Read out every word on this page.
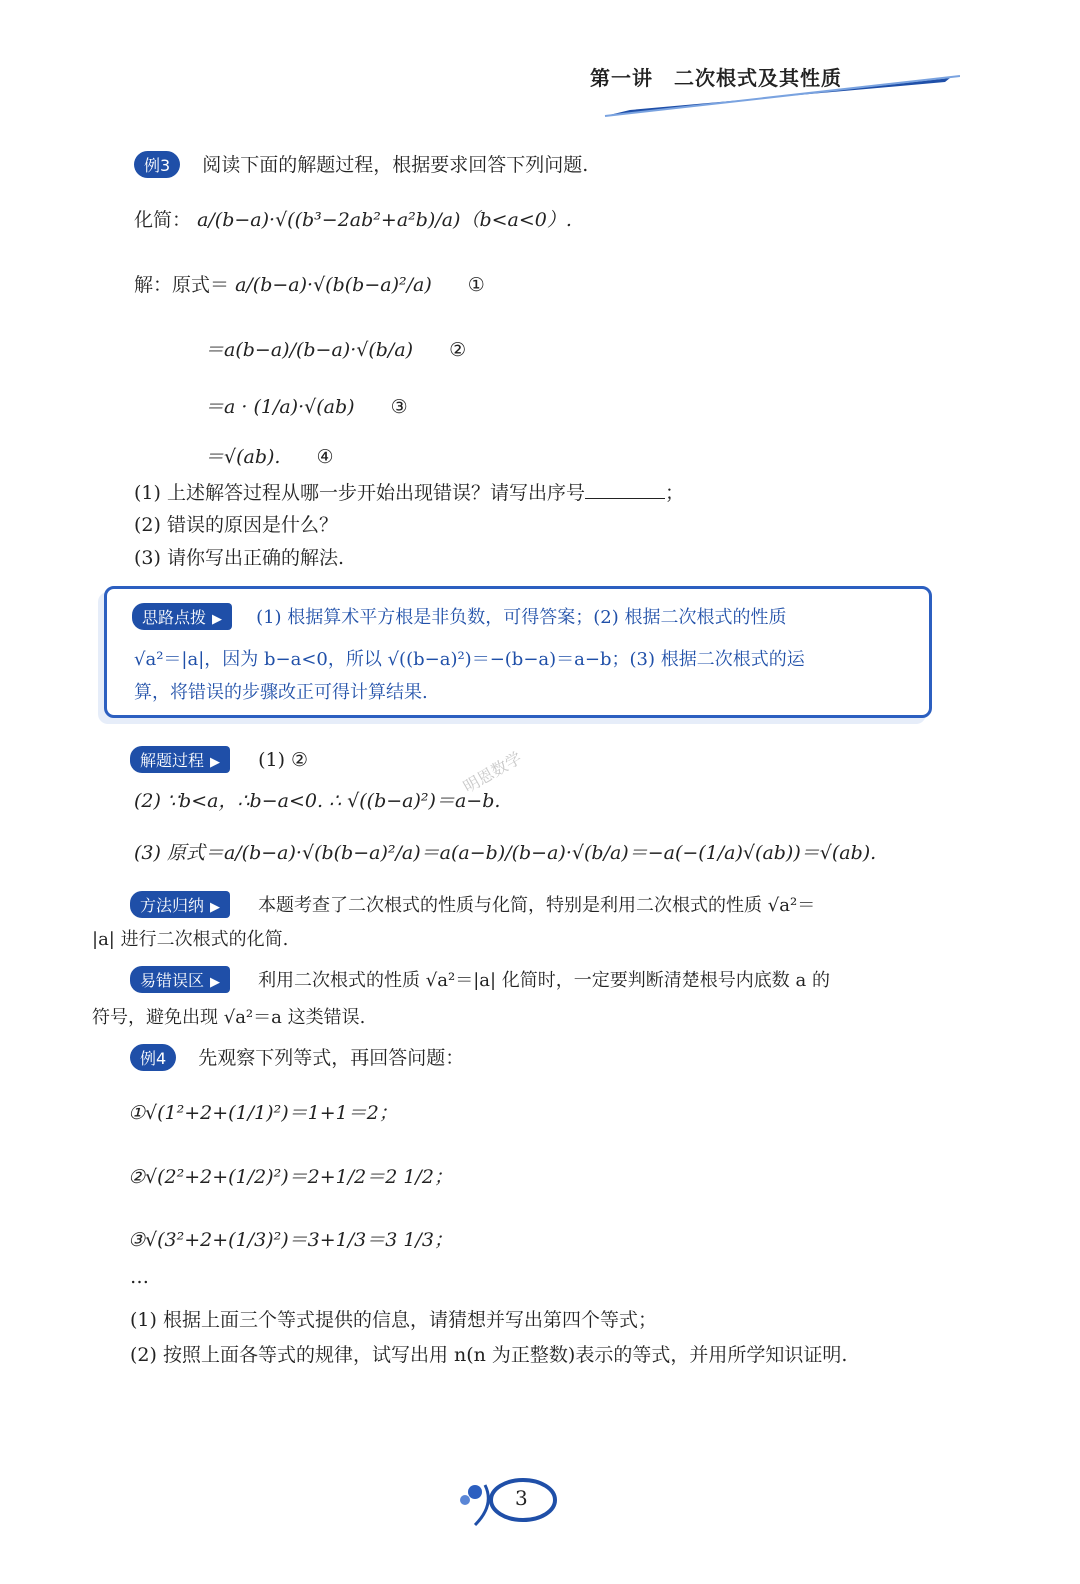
第一讲　二次根式及其性质
例3 阅读下面的解题过程，根据要求回答下列问题.
化简： a/(b−a)·√((b³−2ab²+a²b)/a)（b<a<0）.
解：原式＝ a/(b−a)·√(b(b−a)²/a) ①
＝a(b−a)/(b−a)·√(b/a) ②
＝a · (1/a)·√(ab) ③
＝√(ab). ④
(1) 上述解答过程从哪一步开始出现错误？请写出序号	；
(2) 错误的原因是什么？
(3) 请你写出正确的解法.
思路点拨 ▶ (1) 根据算术平方根是非负数，可得答案；(2) 根据二次根式的性质
√a²＝|a|，因为 b−a<0，所以 √((b−a)²)＝−(b−a)＝a−b；(3) 根据二次根式的运
算，将错误的步骤改正可得计算结果.
解题过程 ▶ (1) ②
(2) ∵b<a，∴b−a<0. ∴ √((b−a)²)＝a−b.
(3) 原式＝a/(b−a)·√(b(b−a)²/a)＝a(a−b)/(b−a)·√(b/a)＝−a(−(1/a)√(ab))＝√(ab).
明恩数学
方法归纳 ▶ 本题考查了二次根式的性质与化简，特别是利用二次根式的性质 √a²＝
|a| 进行二次根式的化简.
易错误区 ▶ 利用二次根式的性质 √a²＝|a| 化简时，一定要判断清楚根号内底数 a 的
符号，避免出现 √a²＝a 这类错误.
例4 先观察下列等式，再回答问题：
①√(1²+2+(1/1)²)＝1+1＝2；
②√(2²+2+(1/2)²)＝2+1/2＝2 1/2；
③√(3²+2+(1/3)²)＝3+1/3＝3 1/3；
…
(1) 根据上面三个等式提供的信息，请猜想并写出第四个等式；
(2) 按照上面各等式的规律，试写出用 n(n 为正整数)表示的等式，并用所学知识证明.
3
